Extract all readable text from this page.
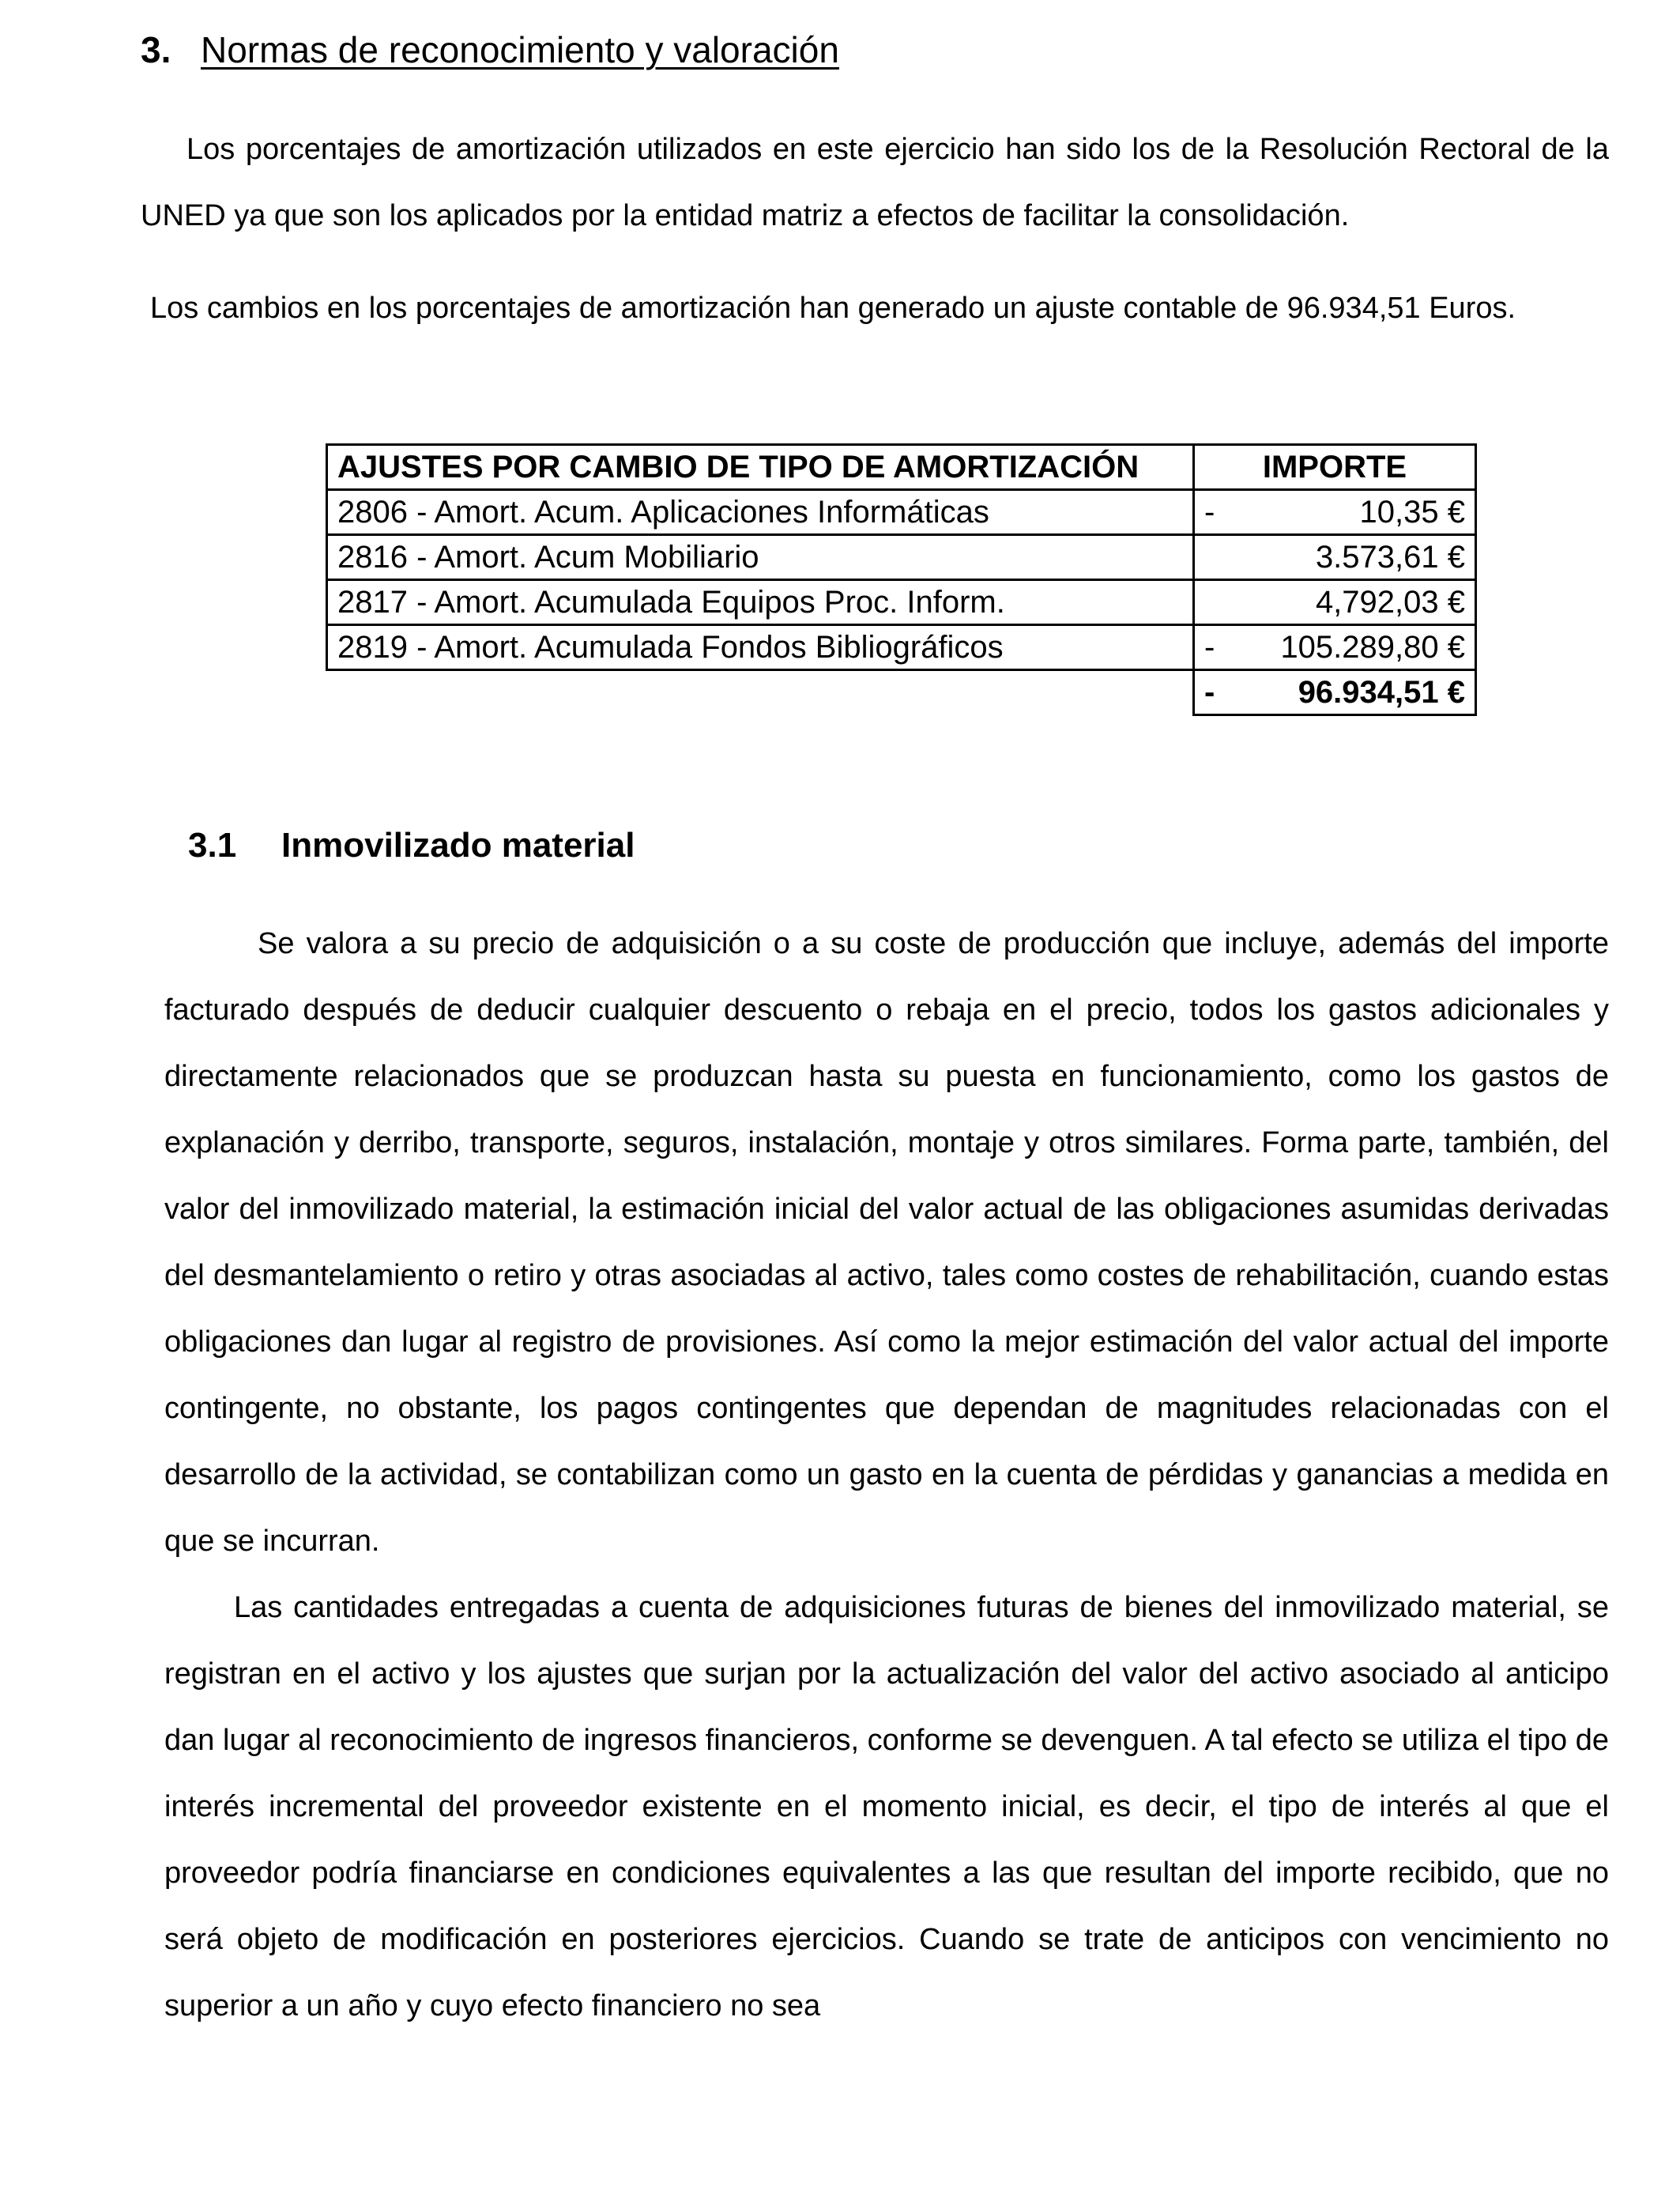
3. Normas de reconocimiento y valoración

Los porcentajes de amortización utilizados en este ejercicio han sido los de la Resolución Rectoral de la UNED ya que son los aplicados por la entidad matriz a efectos de facilitar la consolidación.

Los cambios en los porcentajes de amortización han generado un ajuste contable de 96.934,51 Euros.

AJUSTES POR CAMBIO DE TIPO DE AMORTIZACIÓN	IMPORTE
2806 - Amort. Acum. Aplicaciones Informáticas	- 10,35 €
2816 - Amort. Acum Mobiliario	3.573,61 €
2817 - Amort. Acumulada Equipos Proc. Inform.	4,792,03 €
2819 - Amort. Acumulada Fondos Bibliográficos	- 105.289,80 €

	- 96.934,51 €
3.1 Inmovilizado material

Se valora a su precio de adquisición o a su coste de producción que incluye, además del importe facturado después de deducir cualquier descuento o rebaja en el precio, todos los gastos adicionales y directamente relacionados que se produzcan hasta su puesta en funcionamiento, como los gastos de explanación y derribo, transporte, seguros, instalación, montaje y otros similares. Forma parte, también, del valor del inmovilizado material, la estimación inicial del valor actual de las obligaciones asumidas derivadas del desmantelamiento o retiro y otras asociadas al activo, tales como costes de rehabilitación, cuando estas obligaciones dan lugar al registro de provisiones. Así como la mejor estimación del valor actual del importe contingente, no obstante, los pagos contingentes que dependan de magnitudes relacionadas con el desarrollo de la actividad, se contabilizan como un gasto en la cuenta de pérdidas y ganancias a medida en que se incurran.

Las cantidades entregadas a cuenta de adquisiciones futuras de bienes del inmovilizado material, se registran en el activo y los ajustes que surjan por la actualización del valor del activo asociado al anticipo dan lugar al reconocimiento de ingresos financieros, conforme se devenguen. A tal efecto se utiliza el tipo de interés incremental del proveedor existente en el momento inicial, es decir, el tipo de interés al que el proveedor podría financiarse en condiciones equivalentes a las que resultan del importe recibido, que no será objeto de modificación en posteriores ejercicios. Cuando se trate de anticipos con vencimiento no superior a un año y cuyo efecto financiero no sea
